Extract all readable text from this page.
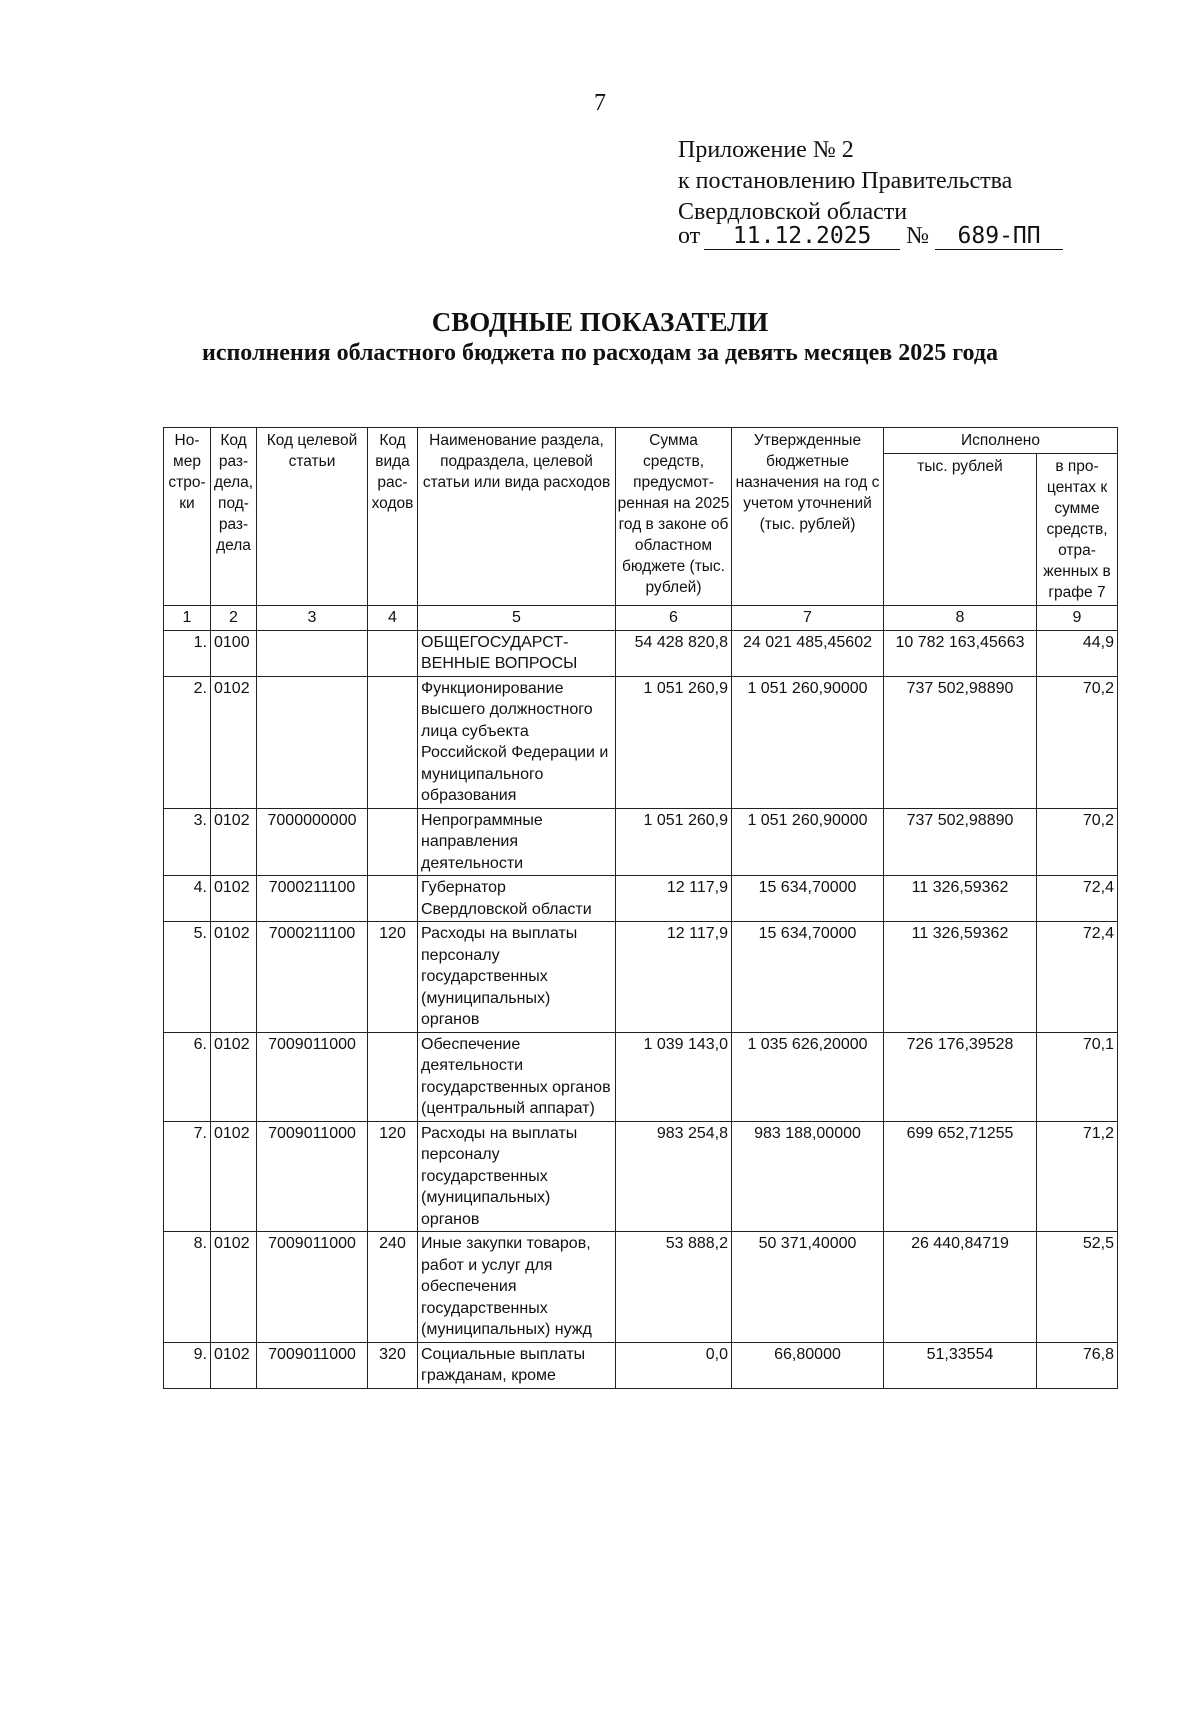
7
Приложение № 2
к постановлению Правительства
Свердловской области
от 11.12.2025 № 689-ПП
СВОДНЫЕ ПОКАЗАТЕЛИ
исполнения областного бюджета по расходам за девять месяцев 2025 года
Но-мер стро-ки	Код раз-дела, под-раз-дела	Код целевой статьи	Код вида рас-ходов	Наименование раздела, подраздела, целевой статьи или вида расходов	Сумма средств, предусмот-ренная на 2025 год в законе об областном бюджете (тыс. рублей)	Утвержденные бюджетные назначения на год с учетом уточнений (тыс. рублей)	Исполнено	
							тыс. рублей	в про-центах к сумме средств, отра-женных в графе 7
1	2	3	4	5	6	7	8	9
1.	0100			ОБЩЕГОСУДАРСТ-ВЕННЫЕ ВОПРОСЫ	54 428 820,8	24 021 485,45602	10 782 163,45663	44,9
2.	0102			Функционирование высшего должностного лица субъекта Российской Федерации и муниципального образования	1 051 260,9	1 051 260,90000	737 502,98890	70,2
3.	0102	7000000000		Непрограммные направления деятельности	1 051 260,9	1 051 260,90000	737 502,98890	70,2
4.	0102	7000211100		Губернатор Свердловской области	12 117,9	15 634,70000	11 326,59362	72,4
5.	0102	7000211100	120	Расходы на выплаты персоналу государственных (муниципальных) органов	12 117,9	15 634,70000	11 326,59362	72,4
6.	0102	7009011000		Обеспечение деятельности государственных органов (центральный аппарат)	1 039 143,0	1 035 626,20000	726 176,39528	70,1
7.	0102	7009011000	120	Расходы на выплаты персоналу государственных (муниципальных) органов	983 254,8	983 188,00000	699 652,71255	71,2
8.	0102	7009011000	240	Иные закупки товаров, работ и услуг для обеспечения государственных (муниципальных) нужд	53 888,2	50 371,40000	26 440,84719	52,5
9.	0102	7009011000	320	Социальные выплаты гражданам, кроме	0,0	66,80000	51,33554	76,8
